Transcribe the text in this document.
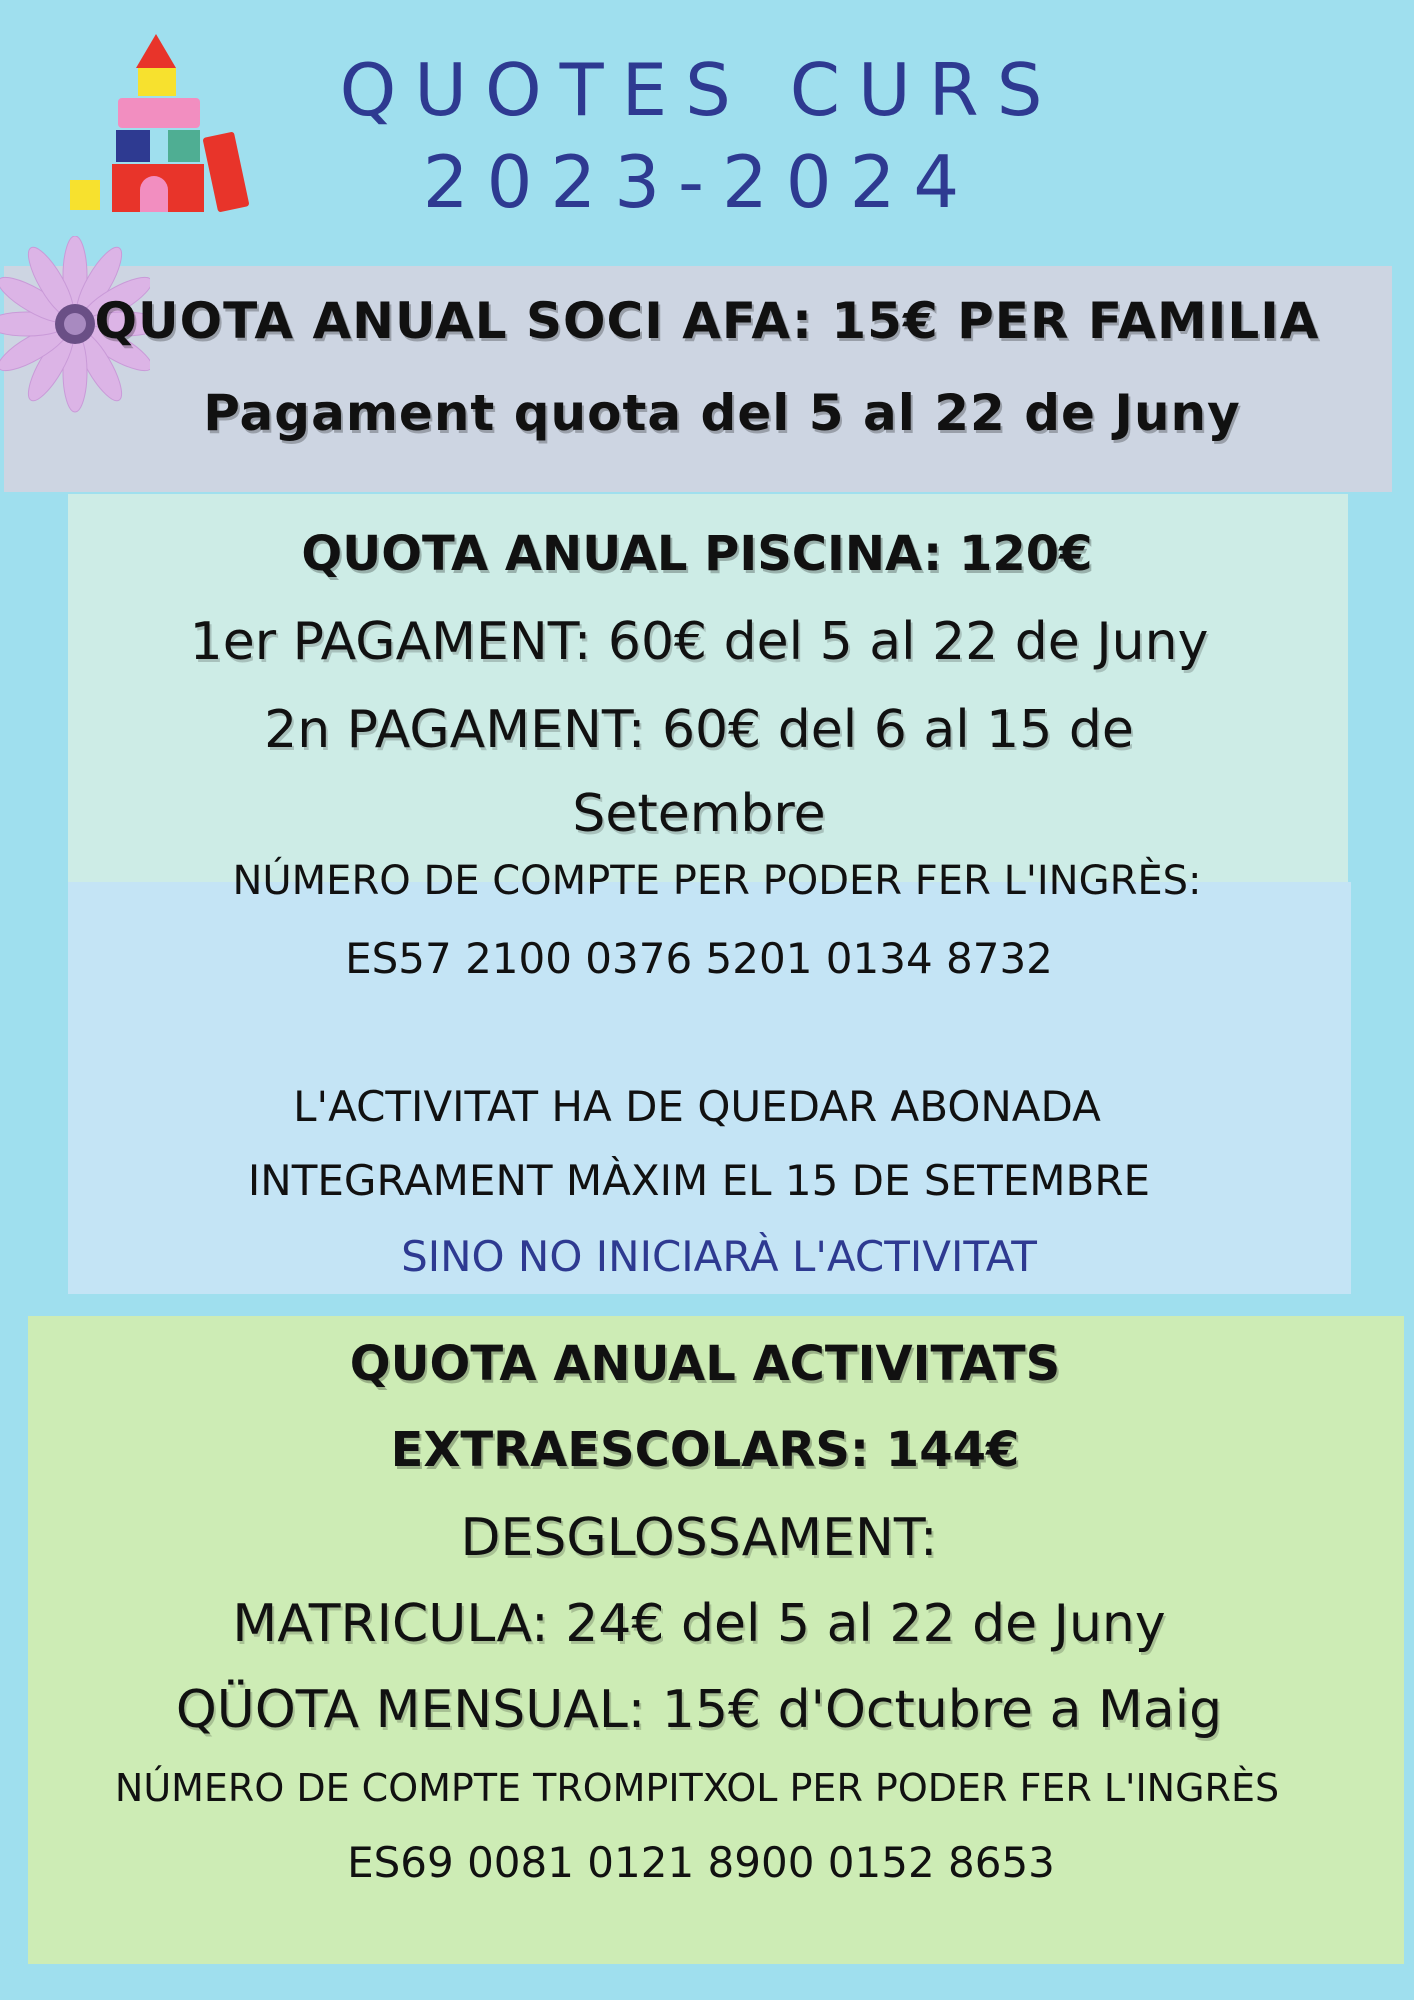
QUOTES CURS
2023-2024
QUOTA ANUAL SOCI AFA: 15€ PER FAMILIA
Pagament quota del 5 al 22 de Juny
QUOTA ANUAL PISCINA: 120€
1er PAGAMENT: 60€ del 5 al 22 de Juny
2n PAGAMENT: 60€ del 6 al 15 de
Setembre
NÚMERO DE COMPTE PER PODER FER L'INGRÈS:
ES57 2100 0376 5201 0134 8732
L'ACTIVITAT HA DE QUEDAR ABONADA
INTEGRAMENT MÀXIM EL 15 DE SETEMBRE
SINO NO INICIARÀ L'ACTIVITAT
QUOTA ANUAL ACTIVITATS
EXTRAESCOLARS: 144€
DESGLOSSAMENT:
MATRICULA: 24€ del 5 al 22 de Juny
QÜOTA MENSUAL: 15€ d'Octubre a Maig
NÚMERO DE COMPTE TROMPITXOL PER PODER FER L'INGRÈS
ES69 0081 0121 8900 0152 8653
